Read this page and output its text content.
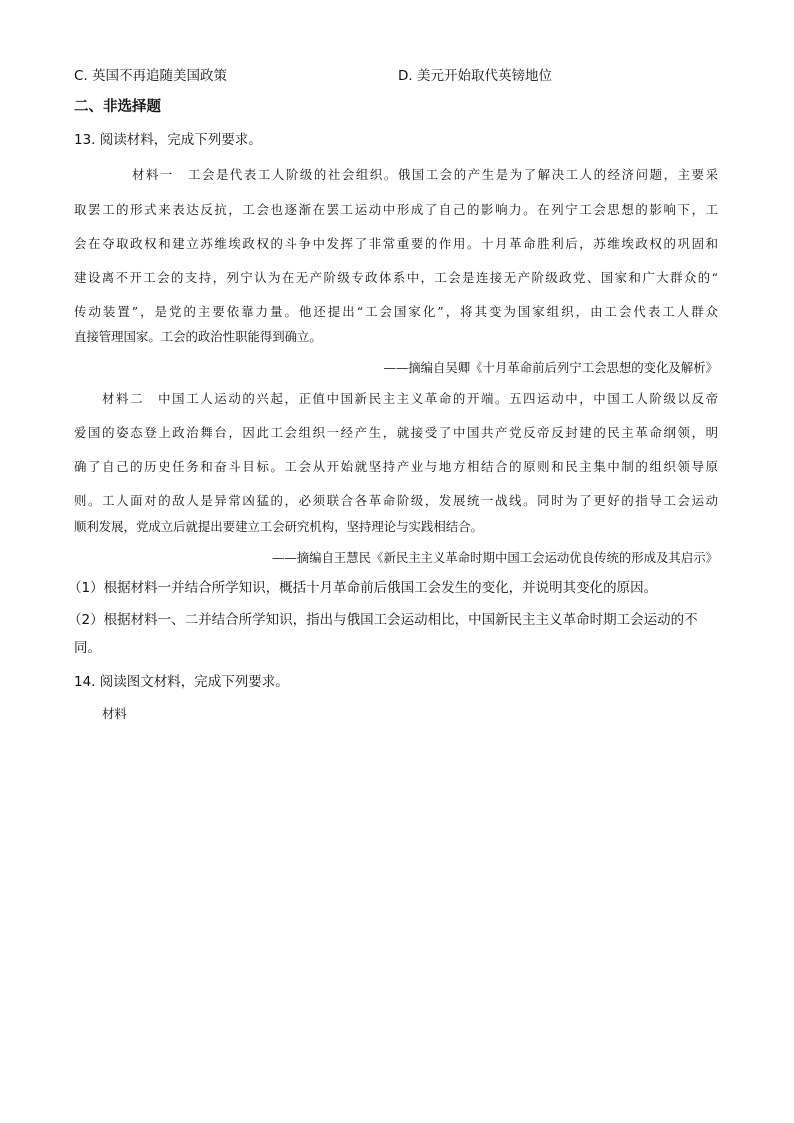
C. 英国不再追随美国政策	D. 美元开始取代英镑地位
二、非选择题
13. 阅读材料，完成下列要求。
材料一　工会是代表工人阶级的社会组织。俄国工会的产生是为了解决工人的经济问题，主要采
取罢工的形式来表达反抗，工会也逐渐在罢工运动中形成了自己的影响力。在列宁工会思想的影响下，工
会在夺取政权和建立苏维埃政权的斗争中发挥了非常重要的作用。十月革命胜利后，苏维埃政权的巩固和
建设离不开工会的支持，列宁认为在无产阶级专政体系中，工会是连接无产阶级政党、国家和广大群众的“
传动装置”，是党的主要依靠力量。他还提出“工会国家化”，将其变为国家组织，由工会代表工人群众
直接管理国家。工会的政治性职能得到确立。
——摘编自吴卿《十月革命前后列宁工会思想的变化及解析》
材料二　中国工人运动的兴起，正值中国新民主主义革命的开端。五四运动中，中国工人阶级以反帝
爱国的姿态登上政治舞台，因此工会组织一经产生，就接受了中国共产党反帝反封建的民主革命纲领，明
确了自己的历史任务和奋斗目标。工会从开始就坚持产业与地方相结合的原则和民主集中制的组织领导原
则。工人面对的敌人是异常凶猛的，必须联合各革命阶级，发展统一战线。同时为了更好的指导工会运动
顺利发展，党成立后就提出要建立工会研究机构，坚持理论与实践相结合。
——摘编自王慧民《新民主主义革命时期中国工会运动优良传统的形成及其启示》
（1）根据材料一并结合所学知识，概括十月革命前后俄国工会发生的变化，并说明其变化的原因。
（2）根据材料一、二并结合所学知识，指出与俄国工会运动相比，中国新民主主义革命时期工会运动的不
同。
14. 阅读图文材料，完成下列要求。
材料
